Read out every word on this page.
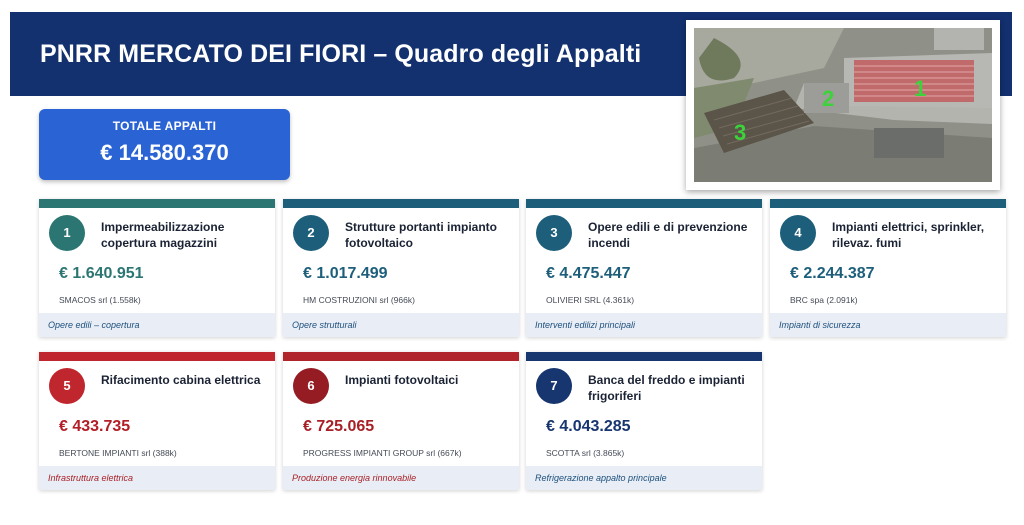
PNRR MERCATO DEI FIORI – Quadro degli Appalti
1
2
3
TOTALE APPALTI
€ 14.580.370
1	Impermeabilizzazione copertura magazzini
€ 1.640.951
SMACOS srl (1.558k)
Opere edili – copertura
2	Strutture portanti impianto fotovoltaico
€ 1.017.499
HM COSTRUZIONI srl (966k)
Opere strutturali
3	Opere edili e di prevenzione incendi
€ 4.475.447
OLIVIERI SRL (4.361k)
Interventi edilizi principali
4	Impianti elettrici, sprinkler, rilevaz. fumi
€ 2.244.387
BRC spa (2.091k)
Impianti di sicurezza
5	Rifacimento cabina elettrica
€ 433.735
BERTONE IMPIANTI srl (388k)
Infrastruttura elettrica
6	Impianti fotovoltaici
€ 725.065
PROGRESS IMPIANTI GROUP srl (667k)
Produzione energia rinnovabile
7	Banca del freddo e impianti frigoriferi
€ 4.043.285
SCOTTA srl (3.865k)
Refrigerazione appalto principale
